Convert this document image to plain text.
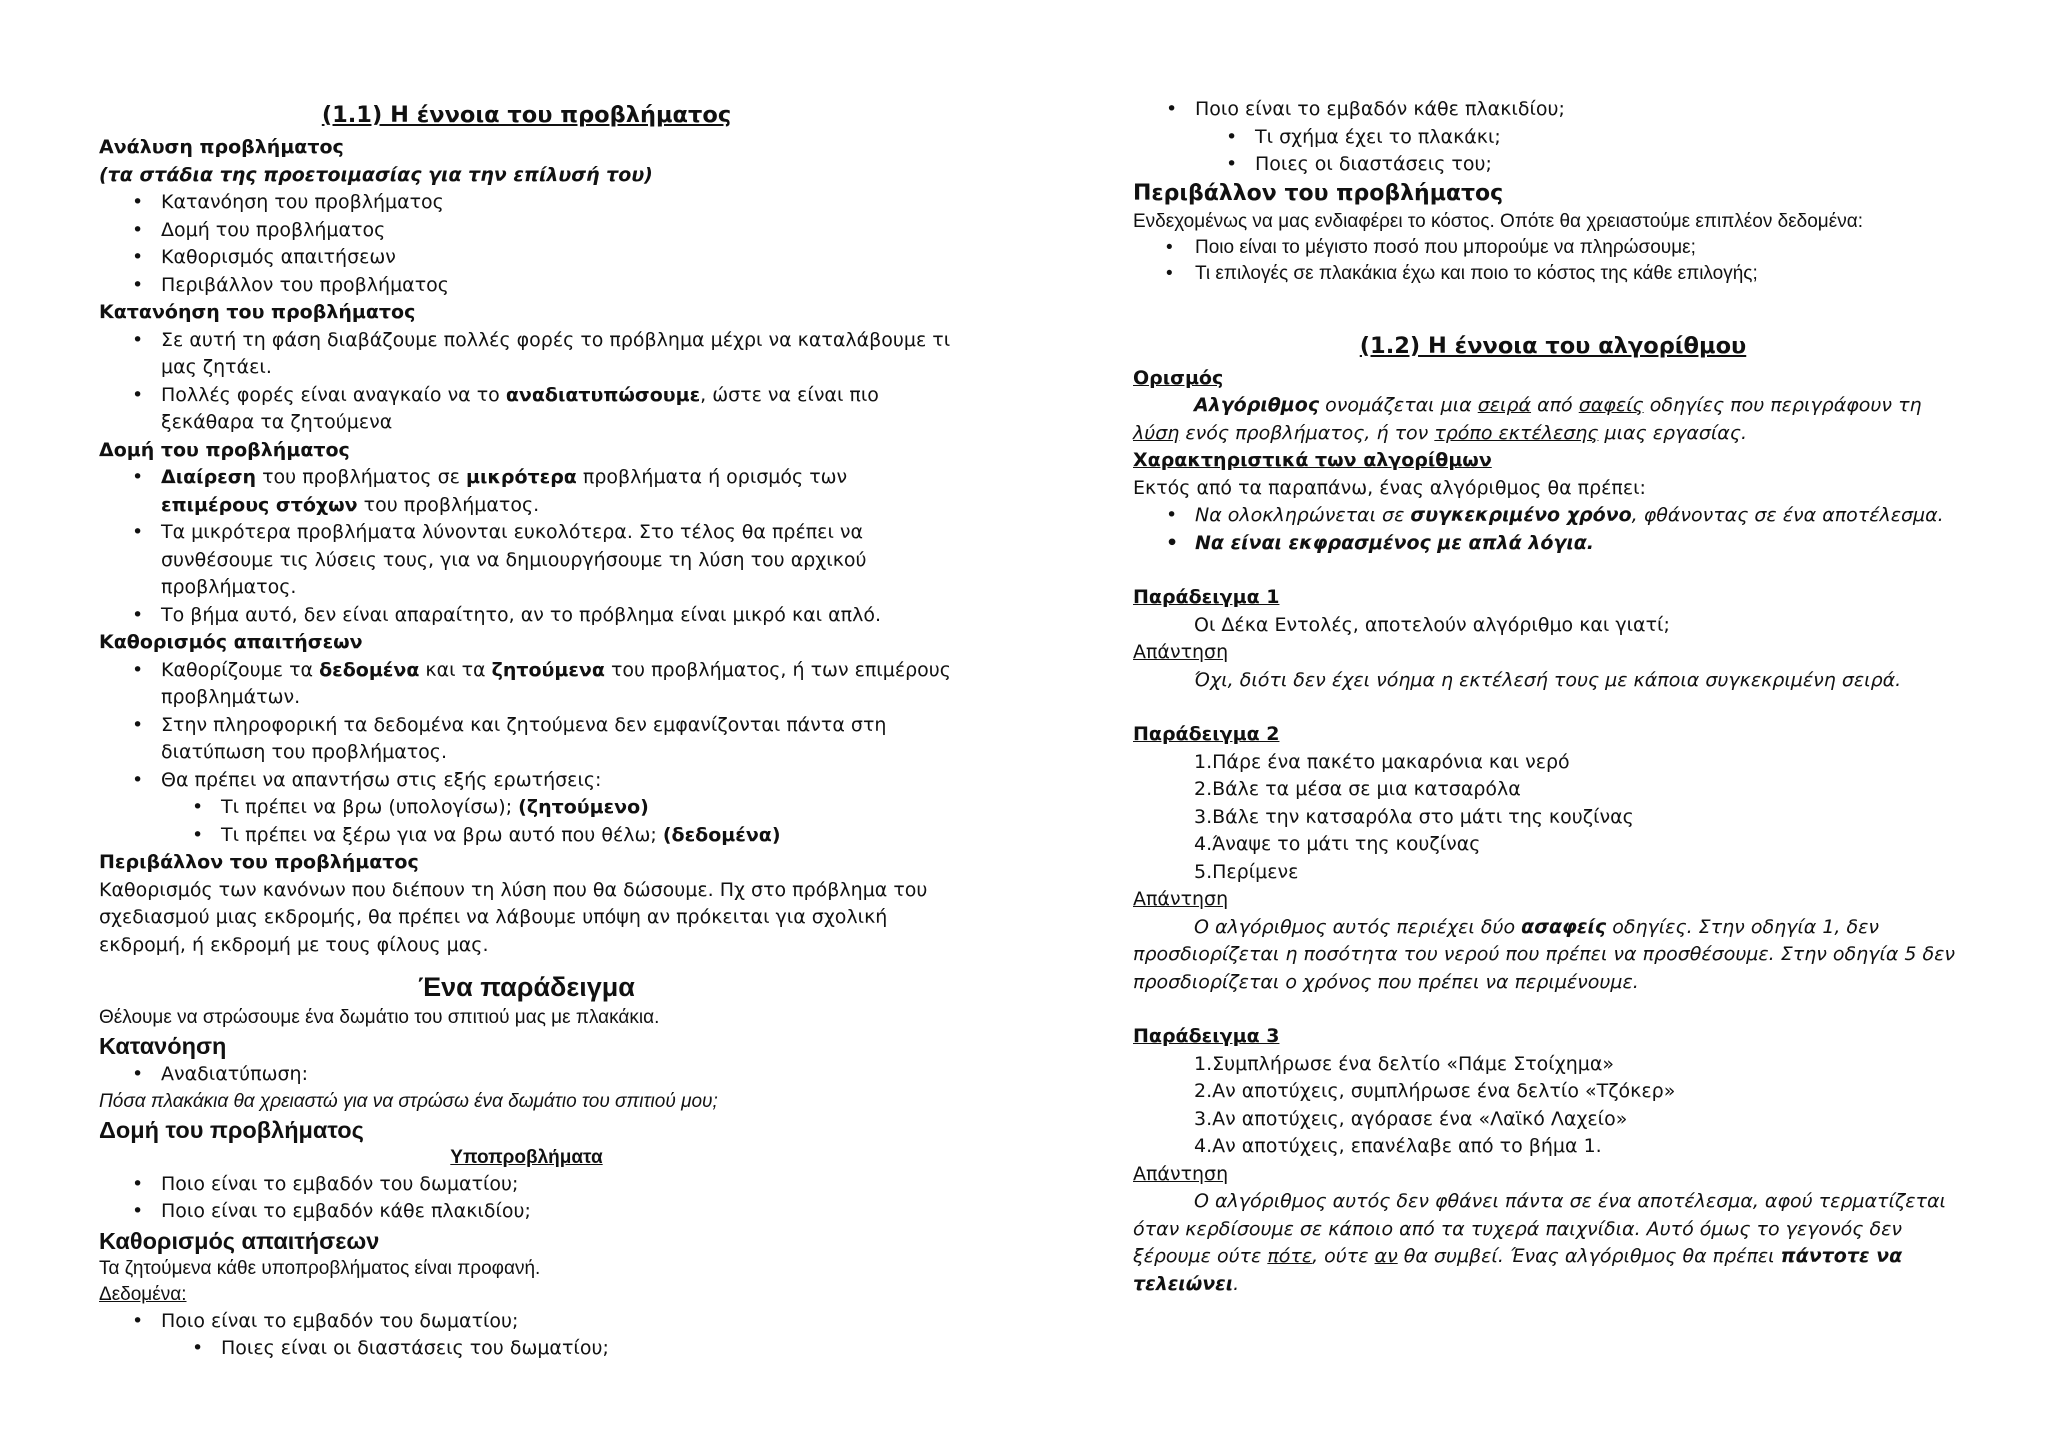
(1.1) Η έννοια του προβλήματος

Ανάλυση προβλήματος

(τα στάδια της προετοιμασίας για την επίλυσή του)

• Κατανόηση του προβλήματος
• Δομή του προβλήματος
• Καθορισμός απαιτήσεων
• Περιβάλλον του προβλήματος

Κατανόηση του προβλήματος

• Σε αυτή τη φάση διαβάζουμε πολλές φορές το πρόβλημα μέχρι να καταλάβουμε τι μας ζητάει.
• Πολλές φορές είναι αναγκαίο να το αναδιατυπώσουμε, ώστε να είναι πιο ξεκάθαρα τα ζητούμενα

Δομή του προβλήματος

• Διαίρεση του προβλήματος σε μικρότερα προβλήματα ή ορισμός των επιμέρους στόχων του προβλήματος.
• Τα μικρότερα προβλήματα λύνονται ευκολότερα. Στο τέλος θα πρέπει να συνθέσουμε τις λύσεις τους, για να δημιουργήσουμε τη λύση του αρχικού προβλήματος.
• Το βήμα αυτό, δεν είναι απαραίτητο, αν το πρόβλημα είναι μικρό και απλό.

Καθορισμός απαιτήσεων

• Καθορίζουμε τα δεδομένα και τα ζητούμενα του προβλήματος, ή των επιμέρους προβλημάτων.
• Στην πληροφορική τα δεδομένα και ζητούμενα δεν εμφανίζονται πάντα στη διατύπωση του προβλήματος.
• Θα πρέπει να απαντήσω στις εξής ερωτήσεις:
• Τι πρέπει να βρω (υπολογίσω); (ζητούμενο)
• Τι πρέπει να ξέρω για να βρω αυτό που θέλω; (δεδομένα)

Περιβάλλον του προβλήματος

Καθορισμός των κανόνων που διέπουν τη λύση που θα δώσουμε. Πχ στο πρόβλημα του σχεδιασμού μιας εκδρομής, θα πρέπει να λάβουμε υπόψη αν πρόκειται για σχολική εκδρομή, ή εκδρομή με τους φίλους μας.

Ένα παράδειγμα

Θέλουμε να στρώσουμε ένα δωμάτιο του σπιτιού μας με πλακάκια.

Κατανόηση
• Αναδιατύπωση:

Πόσα πλακάκια θα χρειαστώ για να στρώσω ένα δωμάτιο του σπιτιού μου;

Δομή του προβλήματος

Υποπροβλήματα

• Ποιο είναι το εμβαδόν του δωματίου;
• Ποιο είναι το εμβαδόν κάθε πλακιδίου;
Καθορισμός απαιτήσεων

Τα ζητούμενα κάθε υποπροβλήματος είναι προφανή.

Δεδομένα:

• Ποιο είναι το εμβαδόν του δωματίου;
• Ποιες είναι οι διαστάσεις του δωματίου;
• Ποιο είναι το εμβαδόν κάθε πλακιδίου;
• Τι σχήμα έχει το πλακάκι;
• Ποιες οι διαστάσεις του;
Περιβάλλον του προβλήματος

Ενδεχομένως να μας ενδιαφέρει το κόστος. Οπότε θα χρειαστούμε επιπλέον δεδομένα:

• Ποιο είναι το μέγιστο ποσό που μπορούμε να πληρώσουμε;
• Τι επιλογές σε πλακάκια έχω και ποιο το κόστος της κάθε επιλογής;
(1.2) Η έννοια του αλγορίθμου

Ορισμός

Αλγόριθμος ονομάζεται μια σειρά από σαφείς οδηγίες που περιγράφουν τη λύση ενός προβλήματος, ή τον τρόπο εκτέλεσης μιας εργασίας.

Χαρακτηριστικά των αλγορίθμων

Εκτός από τα παραπάνω, ένας αλγόριθμος θα πρέπει:

• Να ολοκληρώνεται σε συγκεκριμένο χρόνο, φθάνοντας σε ένα αποτέλεσμα.
• Να είναι εκφρασμένος με απλά λόγια.

Παράδειγμα 1

Οι Δέκα Εντολές, αποτελούν αλγόριθμο και γιατί;

Απάντηση

Όχι, διότι δεν έχει νόημα η εκτέλεσή τους με κάποια συγκεκριμένη σειρά.

Παράδειγμα 2

1.Πάρε ένα πακέτο μακαρόνια και νερό

2.Βάλε τα μέσα σε μια κατσαρόλα

3.Βάλε την κατσαρόλα στο μάτι της κουζίνας

4.Άναψε το μάτι της κουζίνας

5.Περίμενε

Απάντηση

Ο αλγόριθμος αυτός περιέχει δύο ασαφείς οδηγίες. Στην οδηγία 1, δεν προσδιορίζεται η ποσότητα του νερού που πρέπει να προσθέσουμε. Στην οδηγία 5 δεν προσδιορίζεται ο χρόνος που πρέπει να περιμένουμε.

Παράδειγμα 3

1.Συμπλήρωσε ένα δελτίο «Πάμε Στοίχημα»

2.Αν αποτύχεις, συμπλήρωσε ένα δελτίο «Τζόκερ»

3.Αν αποτύχεις, αγόρασε ένα «Λαϊκό Λαχείο»

4.Αν αποτύχεις, επανέλαβε από το βήμα 1.

Απάντηση

Ο αλγόριθμος αυτός δεν φθάνει πάντα σε ένα αποτέλεσμα, αφού τερματίζεται όταν κερδίσουμε σε κάποιο από τα τυχερά παιχνίδια. Αυτό όμως το γεγονός δεν ξέρουμε ούτε πότε, ούτε αν θα συμβεί. Ένας αλγόριθμος θα πρέπει πάντοτε να τελειώνει.
